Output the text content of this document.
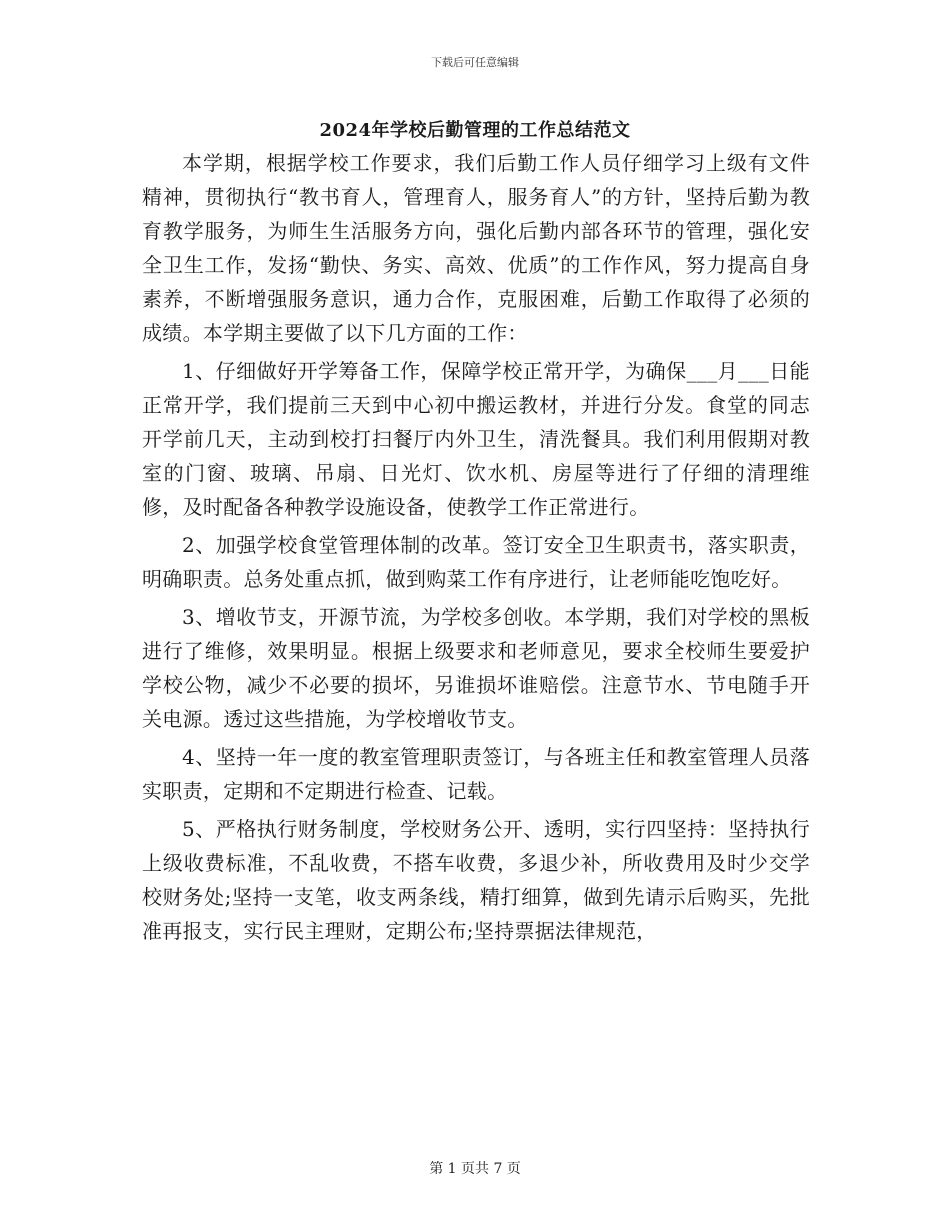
下载后可任意编辑
2024年学校后勤管理的工作总结范文

本学期，根据学校工作要求，我们后勤工作人员仔细学习上级有文件精神，贯彻执行“教书育人，管理育人，服务育人”的方针，坚持后勤为教育教学服务，为师生生活服务方向，强化后勤内部各环节的管理，强化安全卫生工作，发扬“勤快、务实、高效、优质”的工作作风，努力提高自身素养，不断增强服务意识，通力合作，克服困难，后勤工作取得了必须的成绩。本学期主要做了以下几方面的工作：

1、仔细做好开学筹备工作，保障学校正常开学，为确保___月___日能正常开学，我们提前三天到中心初中搬运教材，并进行分发。食堂的同志开学前几天，主动到校打扫餐厅内外卫生，清洗餐具。我们利用假期对教室的门窗、玻璃、吊扇、日光灯、饮水机、房屋等进行了仔细的清理维修，及时配备各种教学设施设备，使教学工作正常进行。

2、加强学校食堂管理体制的改革。签订安全卫生职责书，落实职责，明确职责。总务处重点抓，做到购菜工作有序进行，让老师能吃饱吃好。

3、增收节支，开源节流，为学校多创收。本学期，我们对学校的黑板进行了维修，效果明显。根据上级要求和老师意见，要求全校师生要爱护学校公物，减少不必要的损坏，另谁损坏谁赔偿。注意节水、节电随手开关电源。透过这些措施，为学校增收节支。

4、坚持一年一度的教室管理职责签订，与各班主任和教室管理人员落实职责，定期和不定期进行检查、记载。

5、严格执行财务制度，学校财务公开、透明，实行四坚持：坚持执行上级收费标准，不乱收费，不搭车收费，多退少补，所收费用及时少交学校财务处;坚持一支笔，收支两条线，精打细算，做到先请示后购买，先批准再报支，实行民主理财，定期公布;坚持票据法律规范，

第 1 页共 7 页
